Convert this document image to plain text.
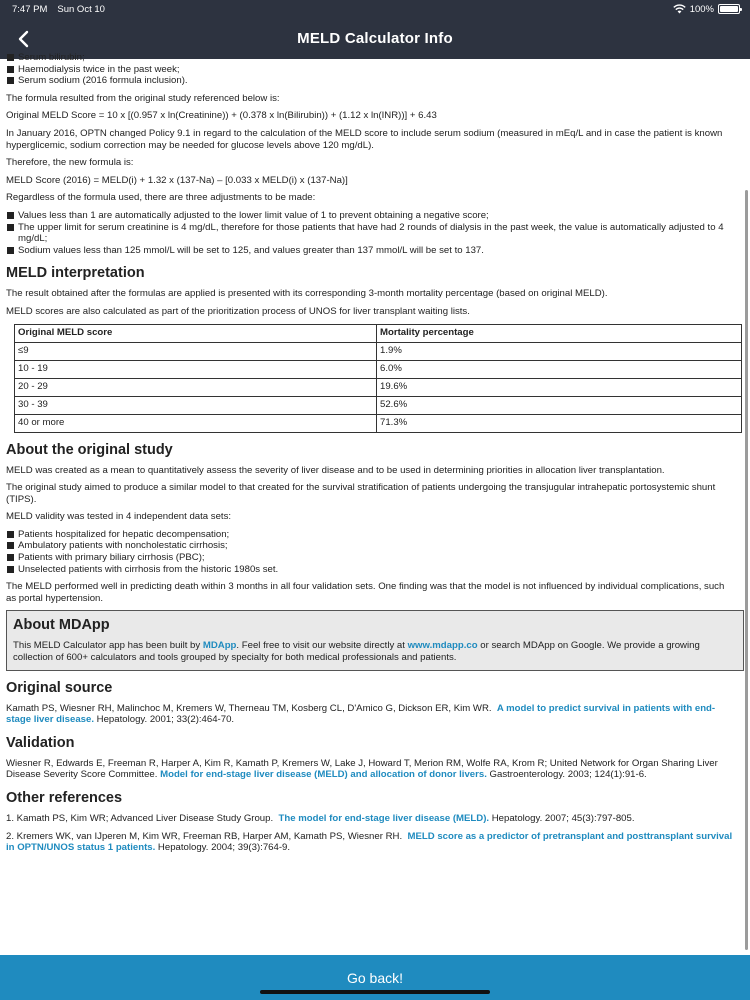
7:47 PM Sun Oct 10	100%
MELD Calculator Info
Serum bilirubin;
Haemodialysis twice in the past week;
Serum sodium (2016 formula inclusion).

The formula resulted from the original study referenced below is:

Original MELD Score = 10 x [(0.957 x ln(Creatinine)) + (0.378 x ln(Bilirubin)) + (1.12 x ln(INR))] + 6.43

In January 2016, OPTN changed Policy 9.1 in regard to the calculation of the MELD score to include serum sodium (measured in mEq/L and in case the patient is known hyperglicemic, sodium correction may be needed for glucose levels above 120 mg/dL).

Therefore, the new formula is:

MELD Score (2016) = MELD(i) + 1.32 x (137-Na) – [0.033 x MELD(i) x (137-Na)]

Regardless of the formula used, there are three adjustments to be made:

Values less than 1 are automatically adjusted to the lower limit value of 1 to prevent obtaining a negative score;
The upper limit for serum creatinine is 4 mg/dL, therefore for those patients that have had 2 rounds of dialysis in the past week, the value is automatically adjusted to 4 mg/dL;
Sodium values less than 125 mmol/L will be set to 125, and values greater than 137 mmol/L will be set to 137.
MELD interpretation

The result obtained after the formulas are applied is presented with its corresponding 3-month mortality percentage (based on original MELD).

MELD scores are also calculated as part of the prioritization process of UNOS for liver transplant waiting lists.

Original MELD score	Mortality percentage
≤9	1.9%
10 - 19	6.0%
20 - 29	19.6%
30 - 39	52.6%
40 or more	71.3%
About the original study

MELD was created as a mean to quantitatively assess the severity of liver disease and to be used in determining priorities in allocation liver transplantation.

The original study aimed to produce a similar model to that created for the survival stratification of patients undergoing the transjugular intrahepatic portosystemic shunt (TIPS).

MELD validity was tested in 4 independent data sets:

Patients hospitalized for hepatic decompensation;
Ambulatory patients with noncholestatic cirrhosis;
Patients with primary biliary cirrhosis (PBC);
Unselected patients with cirrhosis from the historic 1980s set.

The MELD performed well in predicting death within 3 months in all four validation sets. One finding was that the model is not influenced by individual complications, such as portal hypertension.

About MDApp

This MELD Calculator app has been built by MDApp. Feel free to visit our website directly at www.mdapp.co or search MDApp on Google. We provide a growing collection of 600+ calculators and tools grouped by specialty for both medical professionals and patients.

Original source

Kamath PS, Wiesner RH, Malinchoc M, Kremers W, Therneau TM, Kosberg CL, D'Amico G, Dickson ER, Kim WR. A model to predict survival in patients with end-stage liver disease. Hepatology. 2001; 33(2):464-70.

Validation

Wiesner R, Edwards E, Freeman R, Harper A, Kim R, Kamath P, Kremers W, Lake J, Howard T, Merion RM, Wolfe RA, Krom R; United Network for Organ Sharing Liver Disease Severity Score Committee. Model for end-stage liver disease (MELD) and allocation of donor livers. Gastroenterology. 2003; 124(1):91-6.

Other references

1. Kamath PS, Kim WR; Advanced Liver Disease Study Group. The model for end-stage liver disease (MELD). Hepatology. 2007; 45(3):797-805.

2. Kremers WK, van IJperen M, Kim WR, Freeman RB, Harper AM, Kamath PS, Wiesner RH. MELD score as a predictor of pretransplant and posttransplant survival in OPTN/UNOS status 1 patients. Hepatology. 2004; 39(3):764-9.

Go back!
